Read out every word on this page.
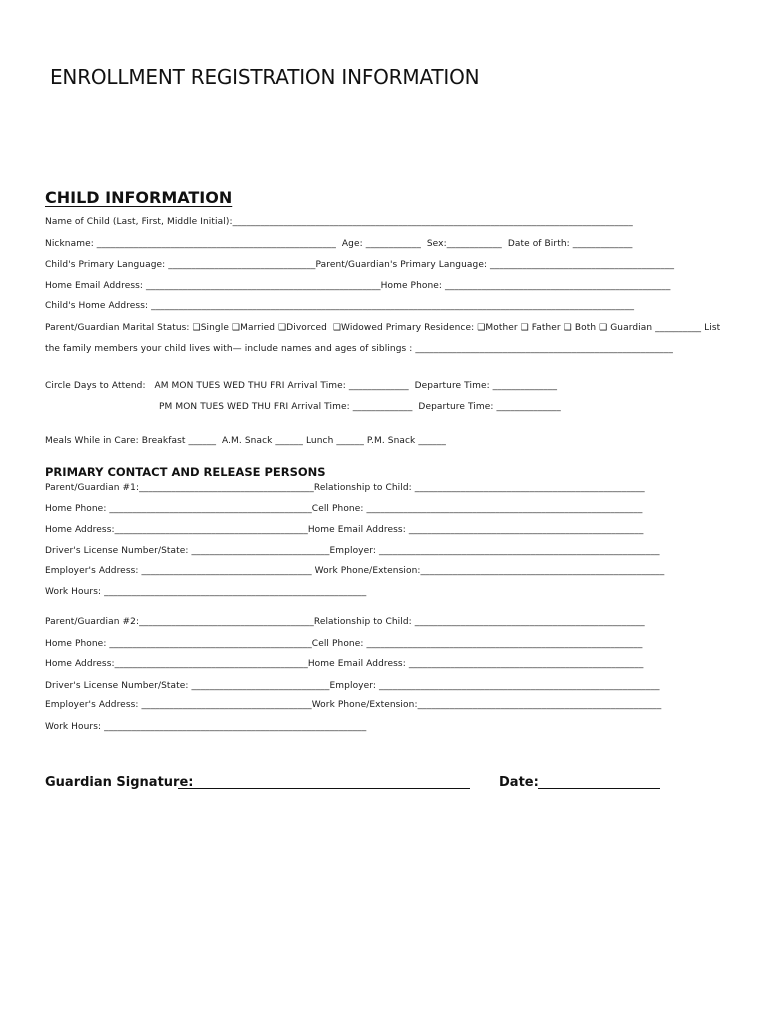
ENROLLMENT REGISTRATION INFORMATION
CHILD INFORMATION
Name of Child (Last, First, Middle Initial):_______________________________________________________________________________________
Nickname: ____________________________________________________  Age: ____________  Sex:____________  Date of Birth: _____________
Child's Primary Language: ________________________________Parent/Guardian's Primary Language: ________________________________________
Home Email Address: ___________________________________________________Home Phone: _________________________________________________
Child's Home Address: _________________________________________________________________________________________________________
Parent/Guardian Marital Status: ❑Single ❑Married ❑Divorced  ❑Widowed Primary Residence: ❑Mother ❑ Father ❑ Both ❑ Guardian __________ List
the family members your child lives with— include names and ages of siblings : ________________________________________________________
Circle Days to Attend:   AM MON TUES WED THU FRI Arrival Time: _____________  Departure Time: ______________
PM MON TUES WED THU FRI Arrival Time: _____________  Departure Time: ______________
Meals While in Care: Breakfast ______  A.M. Snack ______ Lunch ______ P.M. Snack ______
PRIMARY CONTACT AND RELEASE PERSONS
Parent/Guardian #1:______________________________________Relationship to Child: __________________________________________________
Home Phone: ____________________________________________Cell Phone: ____________________________________________________________
Home Address:__________________________________________Home Email Address: ___________________________________________________
Driver's License Number/State: ______________________________Employer: _____________________________________________________________
Employer's Address: _____________________________________ Work Phone/Extension:_____________________________________________________
Work Hours: _________________________________________________________
Parent/Guardian #2:______________________________________Relationship to Child: __________________________________________________
Home Phone: ____________________________________________Cell Phone: ____________________________________________________________
Home Address:__________________________________________Home Email Address: ___________________________________________________
Driver's License Number/State: ______________________________Employer: _____________________________________________________________
Employer's Address: _____________________________________Work Phone/Extension:_____________________________________________________
Work Hours: _________________________________________________________
Guardian Signature:	Date:
